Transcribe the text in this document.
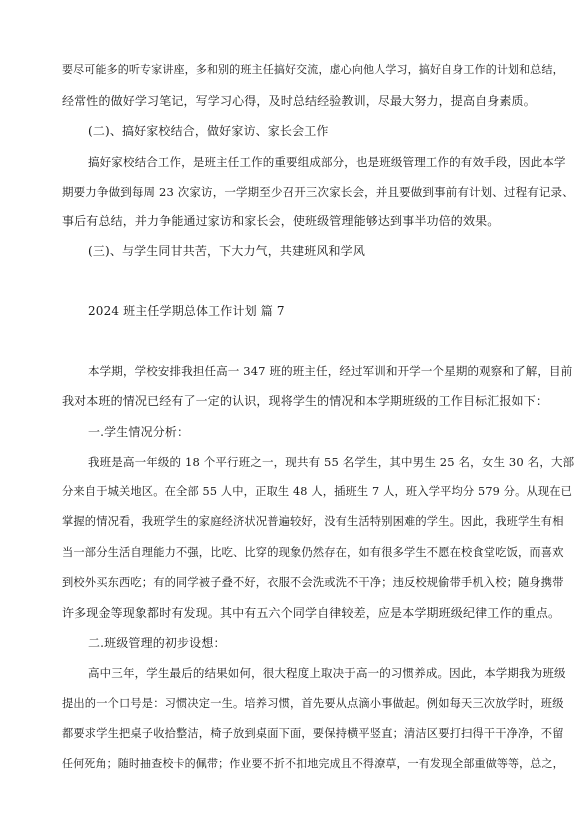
要尽可能多的听专家讲座，多和别的班主任搞好交流，虚心向他人学习，搞好自身工作的计划和总结，
经常性的做好学习笔记，写学习心得，及时总结经验教训，尽最大努力，提高自身素质。
(二)、搞好家校结合，做好家访、家长会工作
搞好家校结合工作，是班主任工作的重要组成部分，也是班级管理工作的有效手段，因此本学
期要力争做到每周 23 次家访，一学期至少召开三次家长会，并且要做到事前有计划、过程有记录、
事后有总结，并力争能通过家访和家长会，使班级管理能够达到事半功倍的效果。
(三)、与学生同甘共苦，下大力气，共建班风和学风
2024 班主任学期总体工作计划 篇 7
本学期，学校安排我担任高一 347 班的班主任，经过军训和开学一个星期的观察和了解，目前
我对本班的情况已经有了一定的认识，现将学生的情况和本学期班级的工作目标汇报如下：
一.学生情况分析：
我班是高一年级的 18 个平行班之一，现共有 55 名学生，其中男生 25 名，女生 30 名，大部
分来自于城关地区。在全部 55 人中，正取生 48 人，插班生 7 人，班入学平均分 579 分。从现在已
掌握的情况看，我班学生的家庭经济状况普遍较好，没有生活特别困难的学生。因此，我班学生有相
当一部分生活自理能力不强，比吃、比穿的现象仍然存在，如有很多学生不愿在校食堂吃饭，而喜欢
到校外买东西吃；有的同学被子叠不好，衣服不会洗或洗不干净；违反校规偷带手机入校；随身携带
许多现金等现象都时有发现。其中有五六个同学自律较差，应是本学期班级纪律工作的重点。
二.班级管理的初步设想：
高中三年，学生最后的结果如何，很大程度上取决于高一的习惯养成。因此，本学期我为班级
提出的一个口号是：习惯决定一生。培养习惯，首先要从点滴小事做起。例如每天三次放学时，班级
都要求学生把桌子收拾整洁，椅子放到桌面下面，要保持横平竖直；清洁区要打扫得干干净净，不留
任何死角；随时抽查校卡的佩带；作业要不折不扣地完成且不得潦草，一有发现全部重做等等，总之，
